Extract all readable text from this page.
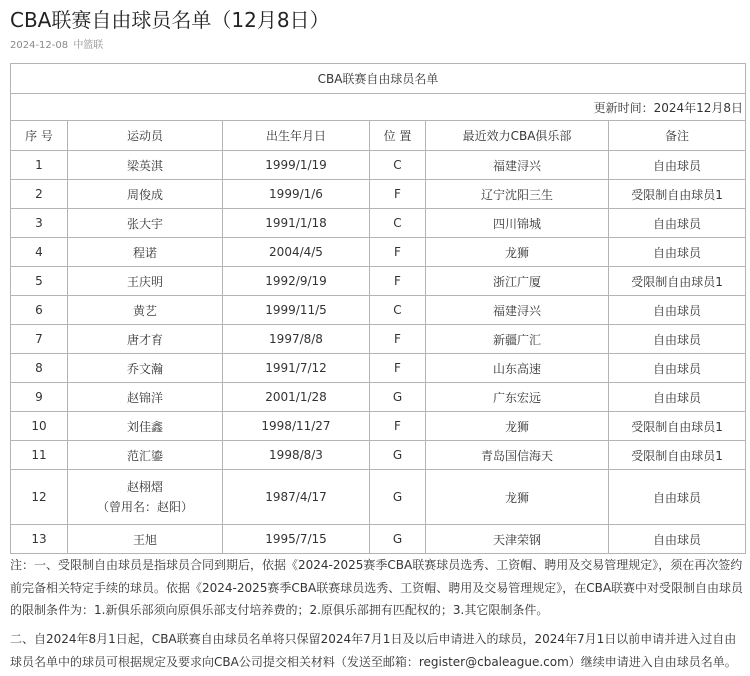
CBA联赛自由球员名单（12月8日）
2024-12-08 中篮联
CBA联赛自由球员名单					
更新时间：2024年12月8日					
序 号	运动员	出生年月日	位 置	最近效力CBA俱乐部	备注
1	梁英淇	1999/1/19	C	福建浔兴	自由球员
2	周俊成	1999/1/6	F	辽宁沈阳三生	受限制自由球员1
3	张大宇	1991/1/18	C	四川锦城	自由球员
4	程诺	2004/4/5	F	龙狮	自由球员
5	王庆明	1992/9/19	F	浙江广厦	受限制自由球员1
6	黄艺	1999/11/5	C	福建浔兴	自由球员
7	唐才育	1997/8/8	F	新疆广汇	自由球员
8	乔文瀚	1991/7/12	F	山东高速	自由球员
9	赵锦洋	2001/1/28	G	广东宏远	自由球员
10	刘佳鑫	1998/11/27	F	龙狮	受限制自由球员1
11	范汇鎏	1998/8/3	G	青岛国信海天	受限制自由球员1
12	赵栩熠
（曾用名：赵阳）	1987/4/17	G	龙狮	自由球员
13	王旭	1995/7/15	G	天津荣钢	自由球员

注：一、受限制自由球员是指球员合同到期后，依据《2024-2025赛季CBA联赛球员选秀、工资帽、聘用及交易管理规定》，须在再次签约前完备相关特定手续的球员。依据《2024-2025赛季CBA联赛球员选秀、工资帽、聘用及交易管理规定》，在CBA联赛中对受限制自由球员的限制条件为：1.新俱乐部须向原俱乐部支付培养费的；2.原俱乐部拥有匹配权的；3.其它限制条件。

二、自2024年8月1日起，CBA联赛自由球员名单将只保留2024年7月1日及以后申请进入的球员，2024年7月1日以前申请并进入过自由球员名单中的球员可根据规定及要求向CBA公司提交相关材料（发送至邮箱：register@cbaleague.com）继续申请进入自由球员名单。
